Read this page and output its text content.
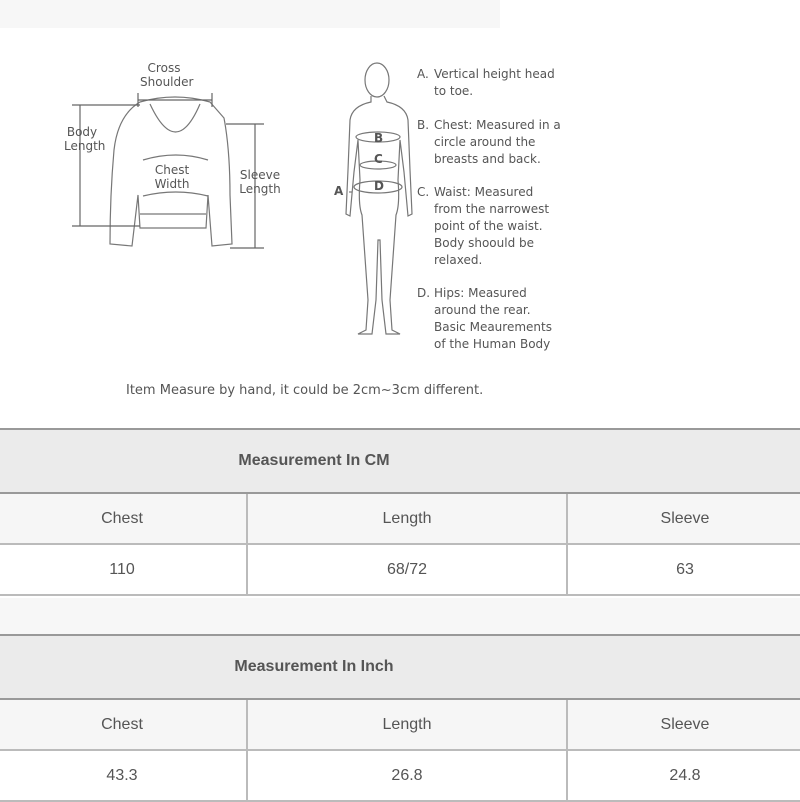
Cross
Shoulder
Body
Length
Chest
Width
Sleeve
Length	A
B
C
D
A. Vertical height head
to toe.
B. Chest: Measured in a
circle around the
breasts and back.
C. Waist: Measured
from the narrowest
point of the waist.
Body shoould be
relaxed.
D. Hips: Measured
around the rear.
Basic Meaurements
of the Human Body
Item Measure by hand, it could be 2cm~3cm different.
Measurement In CM		
Chest	Length	Sleeve
110	68/72	63
Measurement In Inch		
Chest	Length	Sleeve
43.3	26.8	24.8
